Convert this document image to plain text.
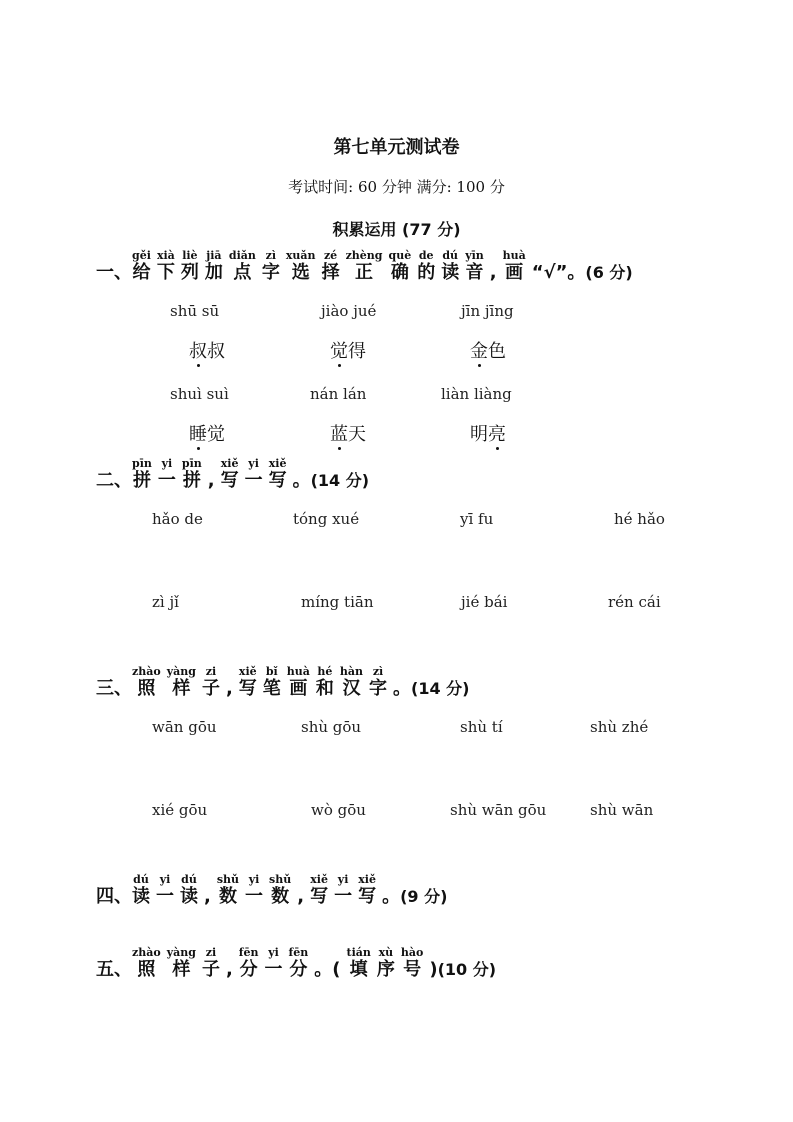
第七单元测试卷
考试时间: 60 分钟 满分: 100 分
积累运用 (77 分)
一、
gěi
给
xià
下
liè
列
jiā
加
diǎn
点
zì
字
xuǎn
选
zé
择
zhèng
正
què
确
de
的
dú
读
yīn
音 ,
huà
画 “√”。 (6 分)
shū sū	jiào jué	jīn jīng
叔叔	觉得	金色
shuì suì	nán lán	liàn liàng
睡觉	蓝天	明亮
二、
pīn
拼
yi
一
pīn
拼 ,
xiě
写
yi
一
xiě
写 。 (14 分)
hǎo de	tóng xué	yī fu	hé hǎo
zì jǐ	míng tiān	jié bái	rén cái
三、
zhào
照
yàng
样
zi
子 ,
xiě
写
bǐ
笔
huà
画
hé
和
hàn
汉
zì
字 。 (14 分)
wān gōu	shù gōu	shù tí	shù zhé
xié gōu	wò gōu	shù wān gōu	shù wān
四、
dú
读
yi
一
dú
读 ,
shǔ
数
yi
一
shǔ
数 ,
xiě
写
yi
一
xiě
写 。 (9 分)
五、
zhào
照
yàng
样
zi
子 ,
fēn
分
yi
一
fēn
分 。(
tián
填
xù
序
hào
号 ) (10 分)
